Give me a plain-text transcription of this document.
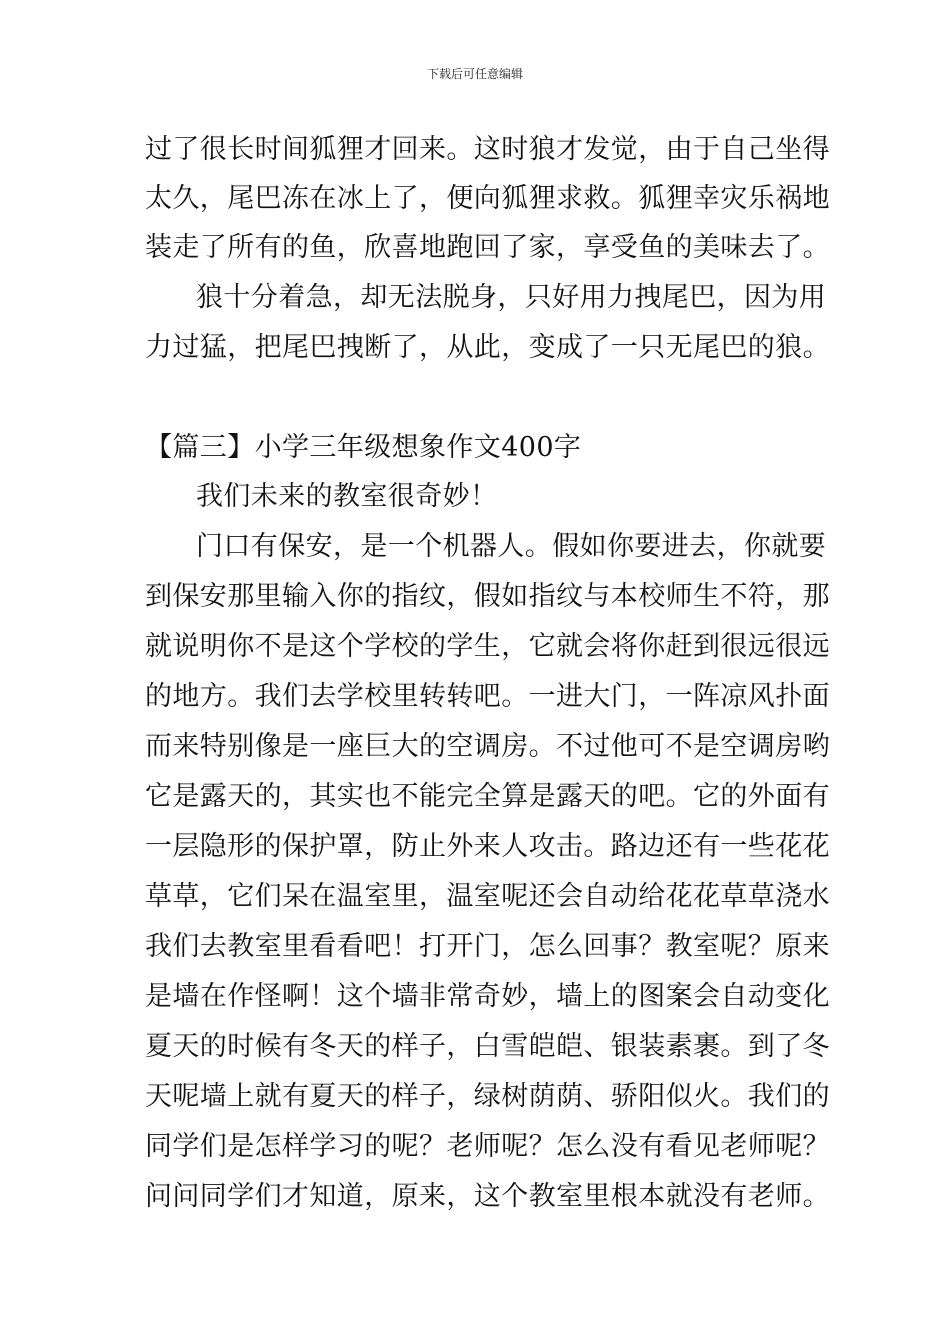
下载后可任意编辑
过了很长时间狐狸才回来。这时狼才发觉，由于自己坐得
太久，尾巴冻在冰上了，便向狐狸求救。狐狸幸灾乐祸地
装走了所有的鱼，欣喜地跑回了家，享受鱼的美味去了。
狼十分着急，却无法脱身，只好用力拽尾巴，因为用
力过猛，把尾巴拽断了，从此，变成了一只无尾巴的狼。
【篇三】小学三年级想象作文400字
我们未来的教室很奇妙！
门口有保安，是一个机器人。假如你要进去，你就要
到保安那里输入你的指纹，假如指纹与本校师生不符，那
就说明你不是这个学校的学生，它就会将你赶到很远很远
的地方。我们去学校里转转吧。一进大门，一阵凉风扑面
而来特别像是一座巨大的空调房。不过他可不是空调房哟
它是露天的，其实也不能完全算是露天的吧。它的外面有
一层隐形的保护罩，防止外来人攻击。路边还有一些花花
草草，它们呆在温室里，温室呢还会自动给花花草草浇水
我们去教室里看看吧！打开门，怎么回事？教室呢？原来
是墙在作怪啊！这个墙非常奇妙，墙上的图案会自动变化
夏天的时候有冬天的样子，白雪皑皑、银装素裹。到了冬
天呢墙上就有夏天的样子，绿树荫荫、骄阳似火。我们的
同学们是怎样学习的呢？老师呢？怎么没有看见老师呢？
问问同学们才知道，原来，这个教室里根本就没有老师。
